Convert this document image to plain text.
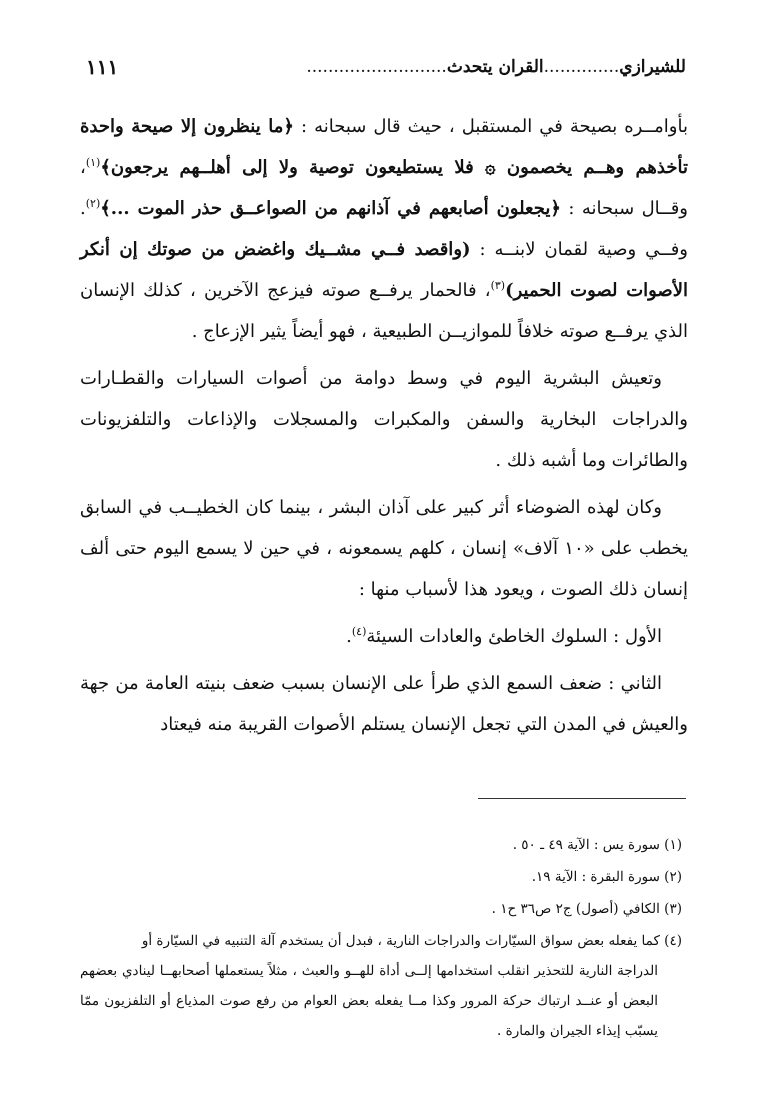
للشيرازي..............القران يتحدث..........................
١١١

بأوامــره بصيحة في المستقبل ، حيث قال سبحانه : ﴿ما ينظرون إلا صيحة واحدة تأخذهم وهــم يخصمون ۞ فلا يستطيعون توصية ولا إلى أهلــهم يرجعون﴾$^{(١)}$، وقــال سبحانه : ﴿يجعلون أصابعهم في آذانهم من الصواعــق حذر الموت ...﴾$^{(٢)}$. وفــي وصية لقمان لابنــه : (واقصد فــي مشــيك واغضض من صوتك إن أنكر الأصوات لصوت الحمير)$^{(٣)}$، فالحمار يرفــع صوته فيزعج الآخرين ، كذلك الإنسان الذي يرفــع صوته خلافاً للموازيــن الطبيعية ، فهو أيضاً يثير الإزعاج .

وتعيش البشرية اليوم في وسط دوامة من أصوات السيارات والقطـارات والدراجات البخارية والسفن والمكبرات والمسجلات والإذاعات والتلفزيونات والطائرات وما أشبه ذلك .

وكان لهذه الضوضاء أثر كبير على آذان البشر ، بينما كان الخطيــب في السابق يخطب على «١٠ آلاف» إنسان ، كلهم يسمعونه ، في حين لا يسمع اليوم حتى ألف إنسان ذلك الصوت ، ويعود هذا لأسباب منها :

الأول : السلوك الخاطئ والعادات السيئة$^{(٤)}$.

الثاني : ضعف السمع الذي طرأ على الإنسان بسبب ضعف بنيته العامة من جهة والعيش في المدن التي تجعل الإنسان يستلم الأصوات القريبة منه فيعتاد

(١) سورة يس : الآية ٤٩ ـ ٥٠ .

(٢) سورة البقرة : الآية ١٩.

(٣) الكافي (أصول) ج٢ ص٣٦ ح١ .

(٤) كما يفعله بعض سواق السيّارات والدراجات النارية ، فبدل أن يستخدم آلة التنبيه في السيّارة أو

الدراجة النارية للتحذير انقلب استخدامها إلــى أداة للهــو والعبث ، مثلاً يستعملها أصحابهــا لينادي بعضهم البعض أو عنــد ارتباك حركة المرور وكذا مــا يفعله بعض العوام من رفع صوت المذياع أو التلفزيون ممّا يسبّب إيذاء الجيران والمارة .
